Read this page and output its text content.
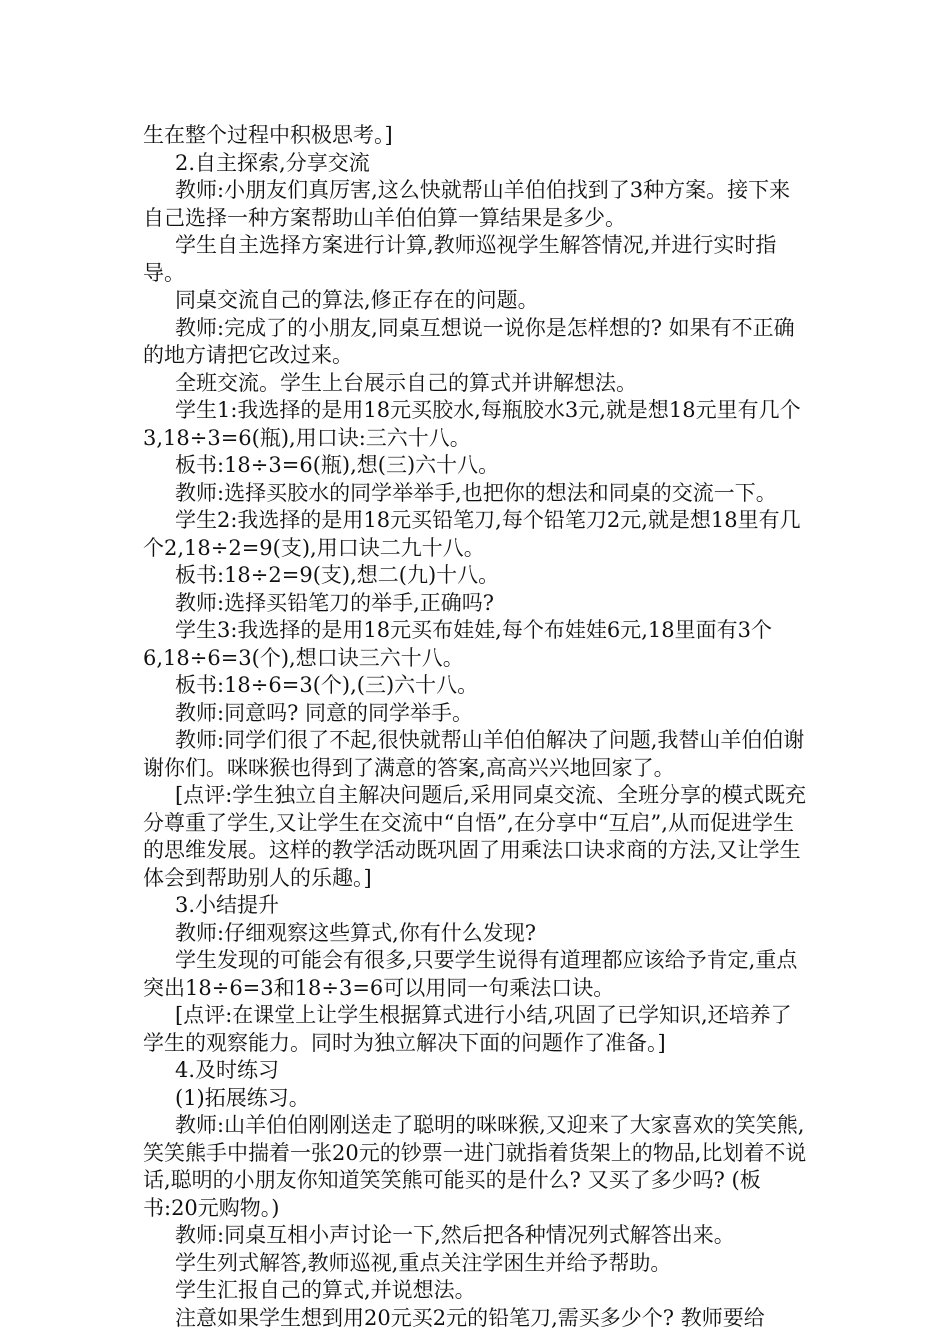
生在整个过程中积极思考。]

2.自主探索,分享交流

教师:小朋友们真厉害,这么快就帮山羊伯伯找到了3种方案。接下来自己选择一种方案帮助山羊伯伯算一算结果是多少。

学生自主选择方案进行计算,教师巡视学生解答情况,并进行实时指导。

同桌交流自己的算法,修正存在的问题。

教师:完成了的小朋友,同桌互想说一说你是怎样想的? 如果有不正确的地方请把它改过来。

全班交流。学生上台展示自己的算式并讲解想法。

学生1:我选择的是用18元买胶水,每瓶胶水3元,就是想18元里有几个3,18÷3=6(瓶),用口诀:三六十八。

板书:18÷3=6(瓶),想(三)六十八。

教师:选择买胶水的同学举举手,也把你的想法和同桌的交流一下。

学生2:我选择的是用18元买铅笔刀,每个铅笔刀2元,就是想18里有几个2,18÷2=9(支),用口诀二九十八。

板书:18÷2=9(支),想二(九)十八。

教师:选择买铅笔刀的举手,正确吗?

学生3:我选择的是用18元买布娃娃,每个布娃娃6元,18里面有3个6,18÷6=3(个),想口诀三六十八。

板书:18÷6=3(个),(三)六十八。

教师:同意吗? 同意的同学举手。

教师:同学们很了不起,很快就帮山羊伯伯解决了问题,我替山羊伯伯谢谢你们。咪咪猴也得到了满意的答案,高高兴兴地回家了。

[点评:学生独立自主解决问题后,采用同桌交流、全班分享的模式既充分尊重了学生,又让学生在交流中“自悟”,在分享中“互启”,从而促进学生的思维发展。这样的教学活动既巩固了用乘法口诀求商的方法,又让学生体会到帮助别人的乐趣。]

3.小结提升

教师:仔细观察这些算式,你有什么发现?

学生发现的可能会有很多,只要学生说得有道理都应该给予肯定,重点突出18÷6=3和18÷3=6可以用同一句乘法口诀。

[点评:在课堂上让学生根据算式进行小结,巩固了已学知识,还培养了学生的观察能力。同时为独立解决下面的问题作了准备。]

4.及时练习

(1)拓展练习。

教师:山羊伯伯刚刚送走了聪明的咪咪猴,又迎来了大家喜欢的笑笑熊,笑笑熊手中揣着一张20元的钞票一进门就指着货架上的物品,比划着不说话,聪明的小朋友你知道笑笑熊可能买的是什么? 又买了多少吗? (板书:20元购物。)

教师:同桌互相小声讨论一下,然后把各种情况列式解答出来。

学生列式解答,教师巡视,重点关注学困生并给予帮助。

学生汇报自己的算式,并说想法。

注意如果学生想到用20元买2元的铅笔刀,需买多少个? 教师要给
